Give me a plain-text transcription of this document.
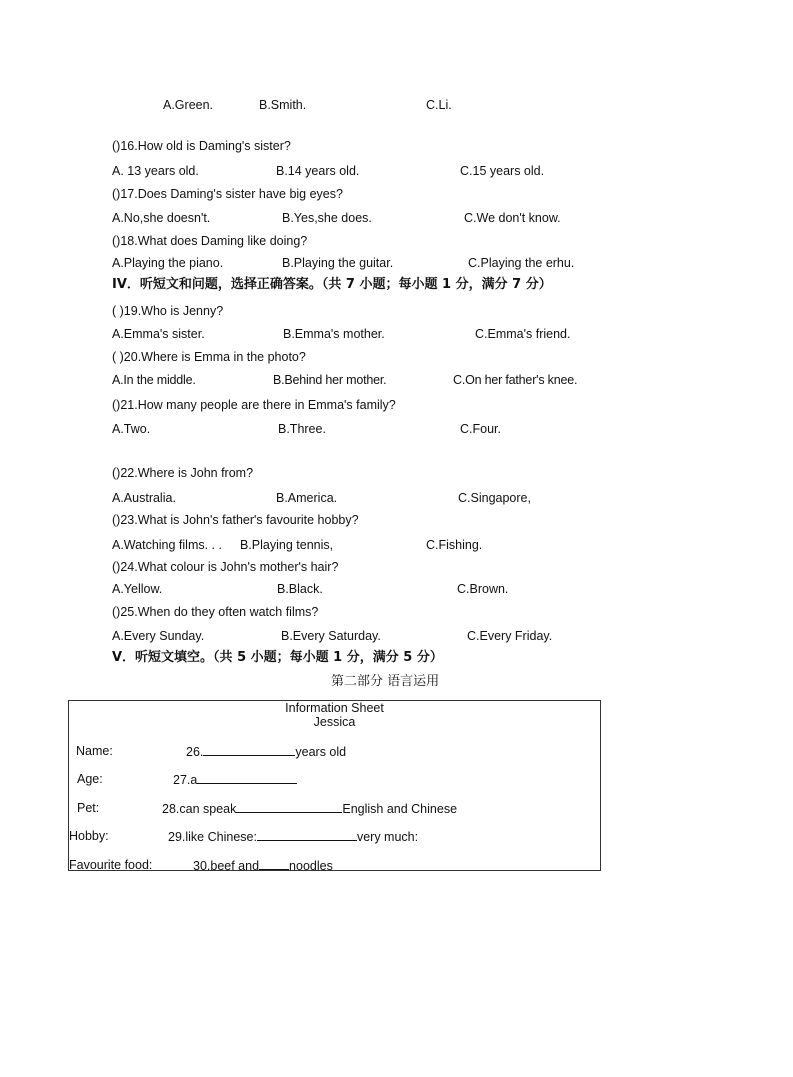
A.Green.	B.Smith.	C.Li.
()16.How old is Daming's sister?
A. 13 years old.	B.14 years old.	C.15 years old.
()17.Does Daming's sister have big eyes?
A.No,she doesn't.	B.Yes,she does.	C.We don't know.
()18.What does Daming like doing?
A.Playing the piano.	B.Playing the guitar.	C.Playing the erhu.
IV．听短文和问题，选择正确答案。（共 7 小题；每小题 1 分，满分 7 分）
( )19.Who is Jenny?
A.Emma's sister.	B.Emma's mother.	C.Emma's friend.
( )20.Where is Emma in the photo?
A.In the middle.	B.Behind her mother.	C.On her father's knee.
()21.How many people are there in Emma's family?
A.Two.	B.Three.	C.Four.
()22.Where is John from?
A.Australia.	B.America.	C.Singapore,
()23.What is John's father's favourite hobby?
A.Watching films. . . B.Playing tennis,	C.Fishing.
()24.What colour is John's mother's hair?
A.Yellow.	B.Black.	C.Brown.
()25.When do they often watch films?
A.Every Sunday.	B.Every Saturday.	C.Every Friday.
V．听短文填空。（共 5 小题；每小题 1 分，满分 5 分）
第二部分 语言运用
Information Sheet
Jessica
Name:	26.	years old
Age:	27.a
Pet:	28.can speak	English and Chinese
Hobby:	29.like Chinese:	very much:
Favourite food:	30.beef and noodles
